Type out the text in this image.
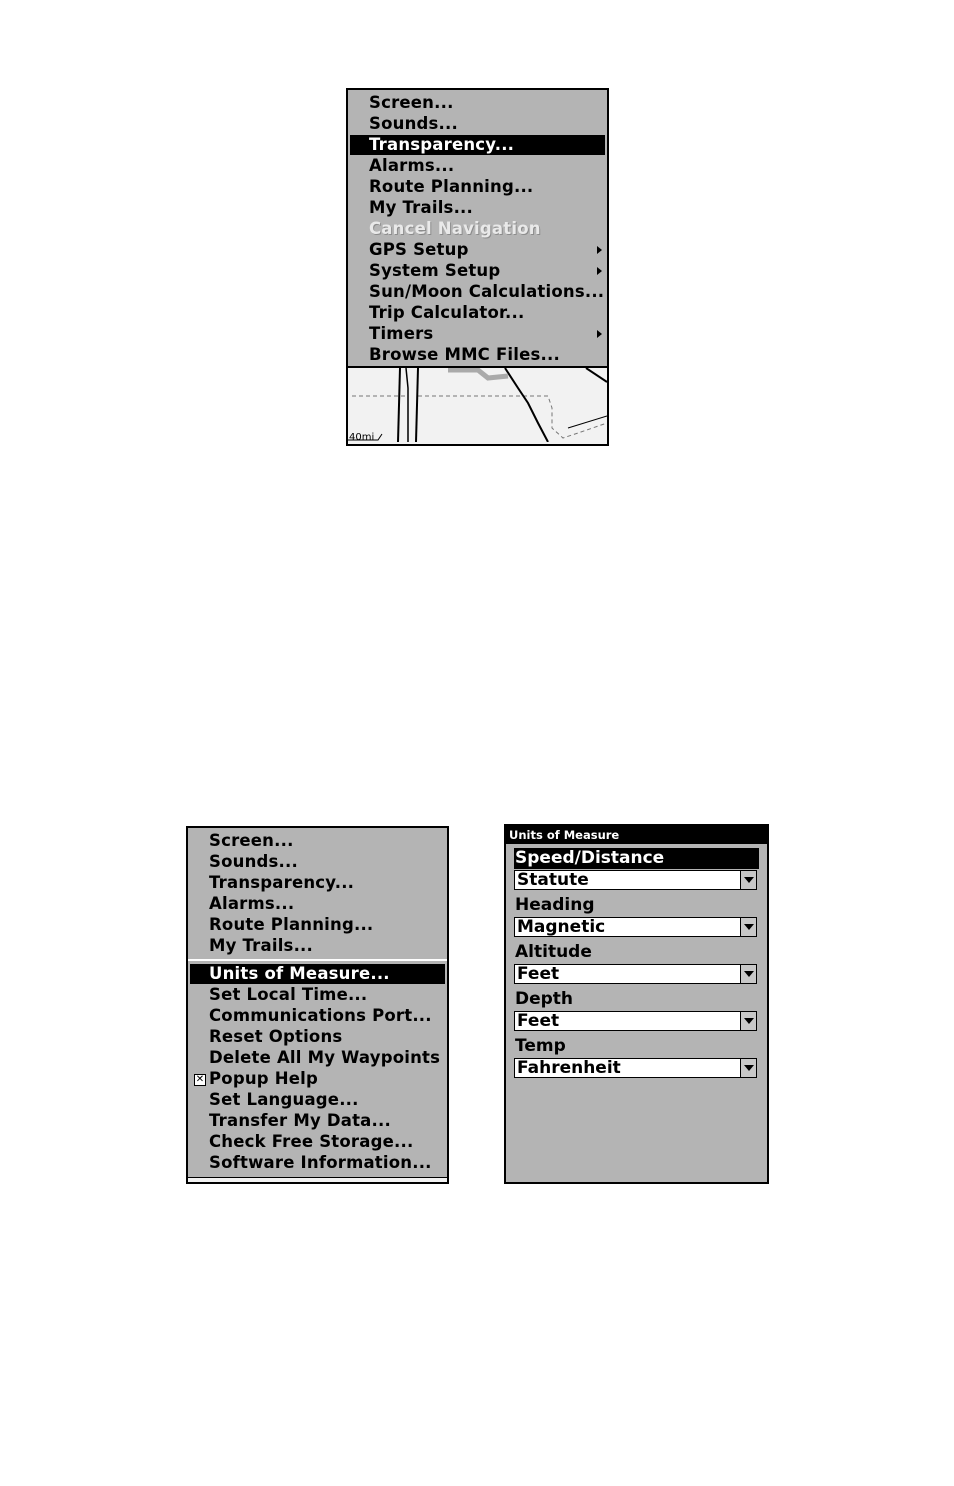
Screen...
Sounds...
Transparency...
Alarms...
Route Planning...
My Trails...
Cancel Navigation
GPS Setup
System Setup
Sun/Moon Calculations...
Trip Calculator...
Timers
Browse MMC Files...
40mi
Screen...
Sounds...
Transparency...
Alarms...
Route Planning...
My Trails...
Units of Measure...
Set Local Time...
Communications Port...
Reset Options
Delete All My Waypoints
✕ Popup Help
Set Language...
Transfer My Data...
Check Free Storage...
Software Information...
Units of Measure
Speed/Distance
Statute
Heading
Magnetic
Altitude
Feet
Depth
Feet
Temp
Fahrenheit
